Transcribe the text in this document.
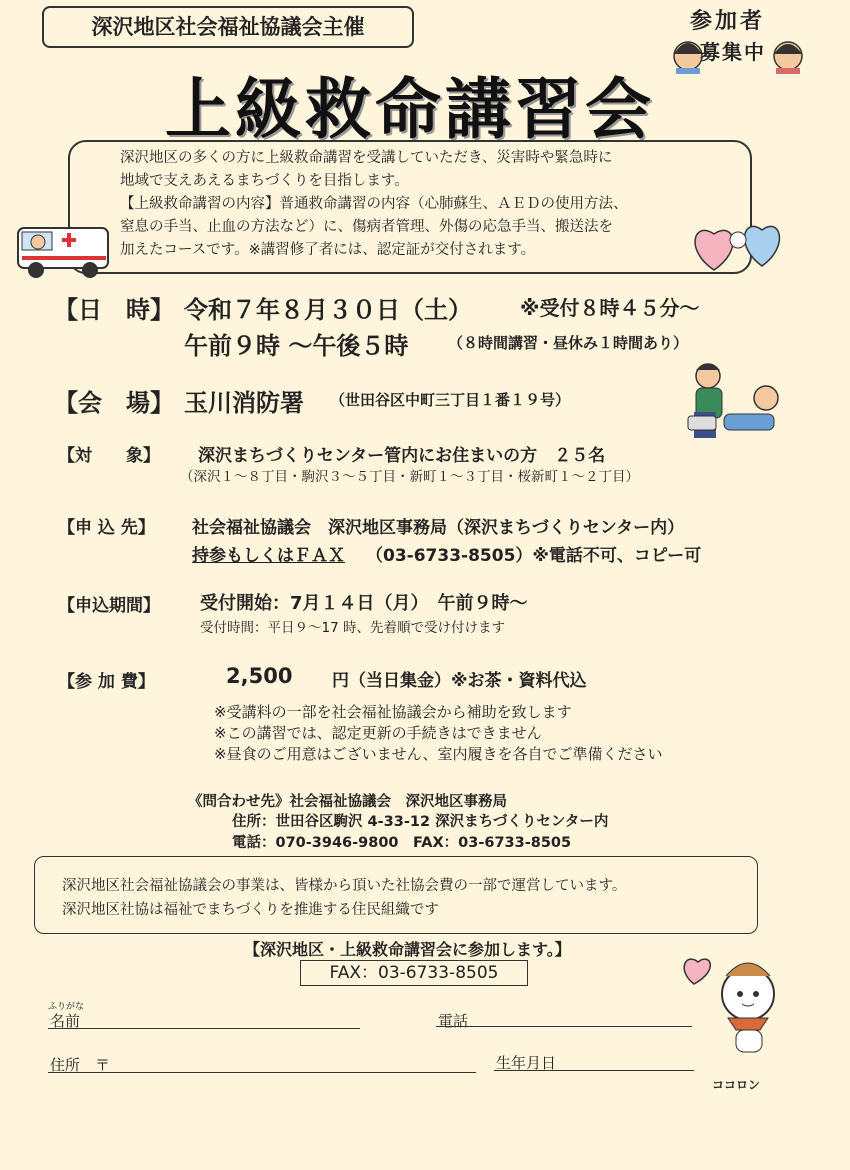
深沢地区社会福祉協議会主催	参加者
募集中
上級救命講習会
深沢地区の多くの方に上級救命講習を受講していただき、災害時や緊急時に
地域で支えあえるまちづくりを目指します。
【上級救命講習の内容】普通救命講習の内容（心肺蘇生、ＡＥＤの使用方法、
窒息の手当、止血の方法など）に、傷病者管理、外傷の応急手当、搬送法を
加えたコースです。※講習修了者には、認定証が交付されます。
【日　時】 令和７年８月３０日（土） ※受付８時４５分～
午前９時 ～午後５時	（８時間講習・昼休み１時間あり）
【会　場】 玉川消防署 （世田谷区中町三丁目１番１９号）
【対　　象】 深沢まちづくりセンター管内にお住まいの方　２５名
（深沢１～８丁目・駒沢３～５丁目・新町１～３丁目・桜新町１～２丁目）
【申 込 先】 社会福祉協議会　深沢地区事務局（深沢まちづくりセンター内）
持参もしくはＦＡＸ （03-6733-8505）※電話不可、コピー可
【申込期間】 受付開始：7月１４日（月）　午前９時～
受付時間：平日９～17 時、先着順で受け付けます
【参 加 費】	2,500 円（当日集金）※お茶・資料代込
※受講料の一部を社会福祉協議会から補助を致します
※この講習では、認定更新の手続きはできません
※昼食のご用意はございません、室内履きを各自でご準備ください
《問合わせ先》社会福祉協議会　深沢地区事務局
住所：世田谷区駒沢 4-33-12 深沢まちづくりセンター内
電話：070-3946-9800　FAX：03-6733-8505
深沢地区社会福祉協議会の事業は、皆様から頂いた社協会費の一部で運営しています。
深沢地区社協は福祉でまちづくりを推進する住民組織です
【深沢地区・上級救命講習会に参加します。】
FAX：03-6733-8505
ふりがな
名前	電話
住所　〒	生年月日
ココロン
